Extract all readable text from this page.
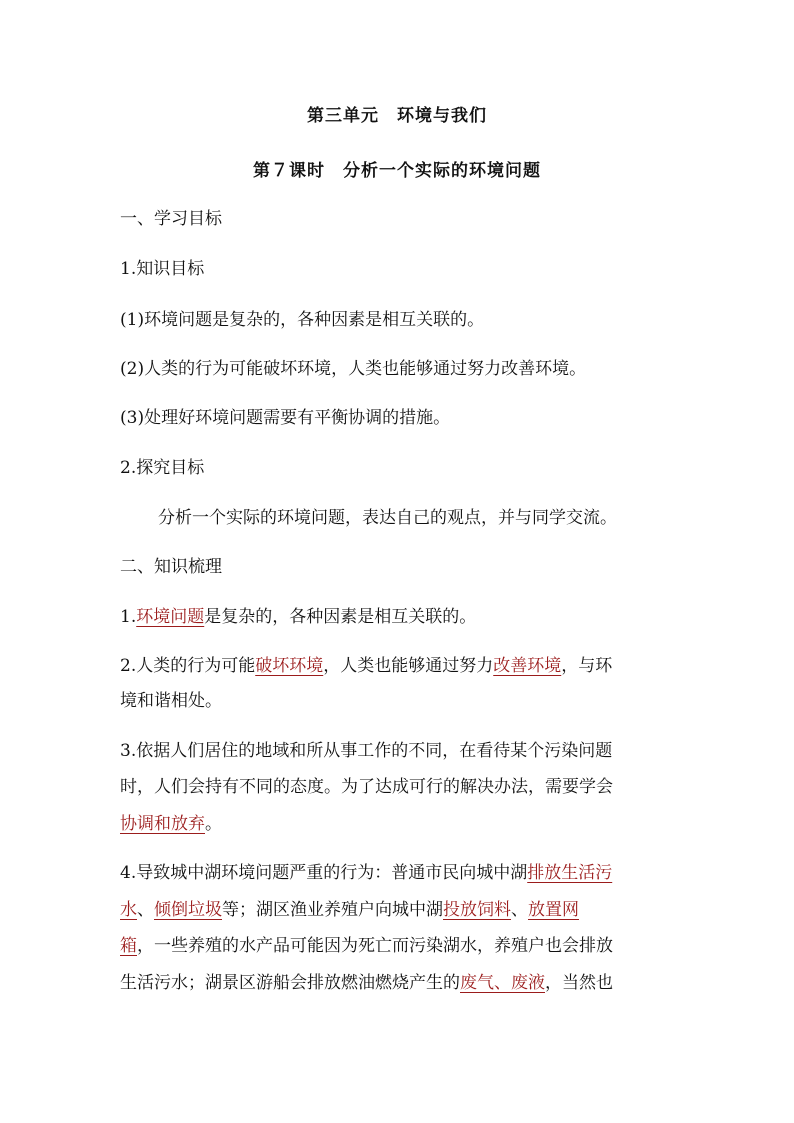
第三单元　环境与我们
第７课时　分析一个实际的环境问题
一、学习目标
1.知识目标
(1)环境问题是复杂的，各种因素是相互关联的。
(2)人类的行为可能破坏环境，人类也能够通过努力改善环境。
(3)处理好环境问题需要有平衡协调的措施。
2.探究目标
分析一个实际的环境问题，表达自己的观点，并与同学交流。
二、知识梳理
1.环境问题是复杂的，各种因素是相互关联的。
2.人类的行为可能破坏环境，人类也能够通过努力改善环境，与环
境和谐相处。
3.依据人们居住的地域和所从事工作的不同，在看待某个污染问题
时，人们会持有不同的态度。为了达成可行的解决办法，需要学会
协调和放弃。
4.导致城中湖环境问题严重的行为：普通市民向城中湖排放生活污
水、倾倒垃圾等；湖区渔业养殖户向城中湖投放饲料、放置网
箱，一些养殖的水产品可能因为死亡而污染湖水，养殖户也会排放
生活污水；湖景区游船会排放燃油燃烧产生的废气、废液，当然也
